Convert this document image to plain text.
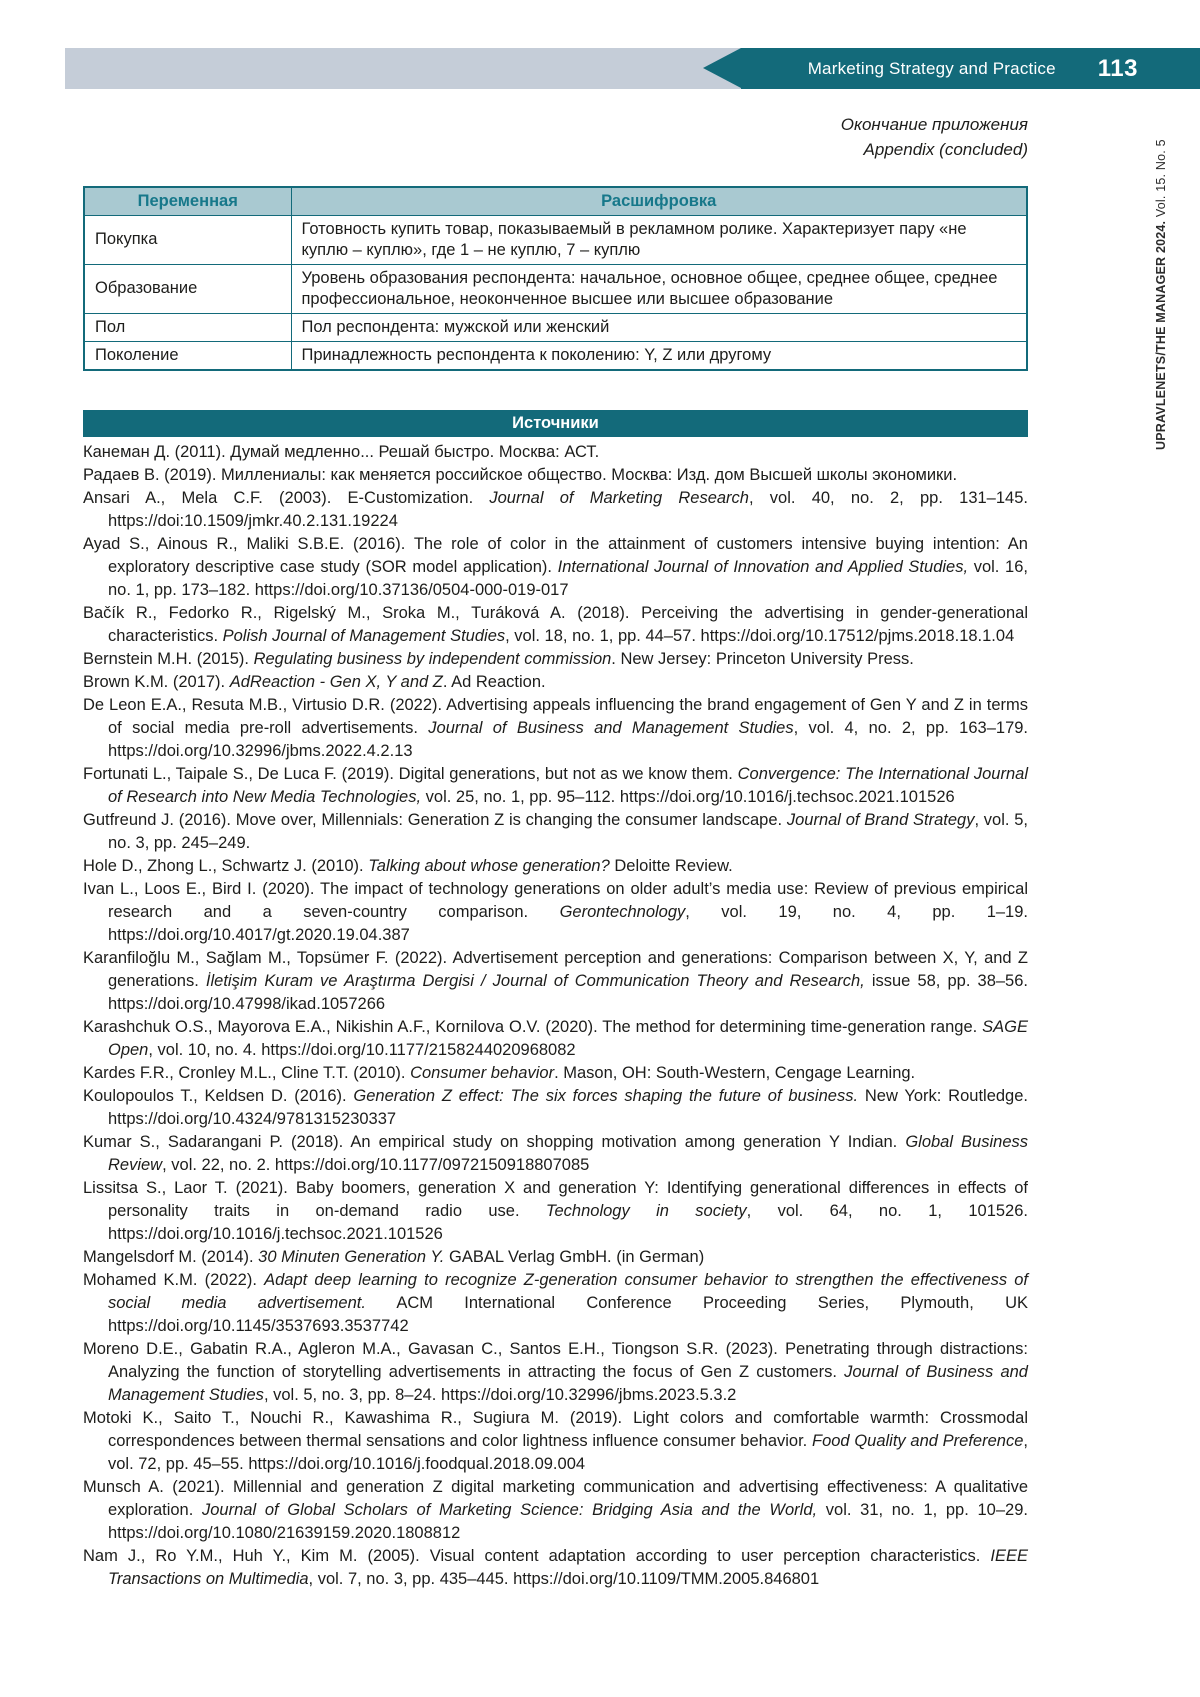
Marketing Strategy and Practice 113
UPRAVLENETS/THE MANAGER 2024. Vol. 15. No. 5
Окончание приложения
Appendix (concluded)
Переменная	Расшифровка
Покупка	Готовность купить товар, показываемый в рекламном ролике. Характеризует пару «не куплю – куплю», где 1 – не куплю, 7 – куплю
Образование	Уровень образования респондента: начальное, основное общее, среднее общее, среднее профессиональное, неоконченное высшее или высшее образование
Пол	Пол респондента: мужской или женский
Поколение	Принадлежность респондента к поколению: Y, Z или другому
Источники

Канеман Д. (2011). Думай медленно... Решай быстро. Москва: АСТ.

Радаев В. (2019). Миллениалы: как меняется российское общество. Москва: Изд. дом Высшей школы экономики.

Ansari A., Mela C.F. (2003). E-Customization. Journal of Marketing Research, vol. 40, no. 2, pp. 131–145. https://doi:10.1509/jmkr.40.2.131.19224

Ayad S., Ainous R., Maliki S.B.E. (2016). The role of color in the attainment of customers intensive buying intention: An exploratory descriptive case study (SOR model application). International Journal of Innovation and Applied Studies, vol. 16, no. 1, pp. 173–182. https://doi.org/10.37136/0504-000-019-017

Bačík R., Fedorko R., Rigelský M., Sroka M., Turáková A. (2018). Perceiving the advertising in gender-generational characteristics. Polish Journal of Management Studies, vol. 18, no. 1, pp. 44–57. https://doi.org/10.17512/pjms.2018.18.1.04

Bernstein M.H. (2015). Regulating business by independent commission. New Jersey: Princeton University Press.

Brown K.M. (2017). AdReaction - Gen X, Y and Z. Ad Reaction.

De Leon E.A., Resuta M.B., Virtusio D.R. (2022). Advertising appeals influencing the brand engagement of Gen Y and Z in terms of social media pre-roll advertisements. Journal of Business and Management Studies, vol. 4, no. 2, pp. 163–179. https://doi.org/10.32996/jbms.2022.4.2.13

Fortunati L., Taipale S., De Luca F. (2019). Digital generations, but not as we know them. Convergence: The International Journal of Research into New Media Technologies, vol. 25, no. 1, pp. 95–112. https://doi.org/10.1016/j.techsoc.2021.101526

Gutfreund J. (2016). Move over, Millennials: Generation Z is changing the consumer landscape. Journal of Brand Strategy, vol. 5, no. 3, pp. 245–249.

Hole D., Zhong L., Schwartz J. (2010). Talking about whose generation? Deloitte Review.

Ivan L., Loos E., Bird I. (2020). The impact of technology generations on older adult’s media use: Review of previous empirical research and a seven-country comparison. Gerontechnology, vol. 19, no. 4, pp. 1–19. https://doi.org/10.4017/gt.2020.19.04.387

Karanfiloğlu M., Sağlam M., Topsümer F. (2022). Advertisement perception and generations: Comparison between X, Y, and Z generations. İletişim Kuram ve Araştırma Dergisi / Journal of Communication Theory and Research, issue 58, pp. 38–56. https://doi.org/10.47998/ikad.1057266

Karashchuk O.S., Mayorova E.A., Nikishin A.F., Kornilova O.V. (2020). The method for determining time-generation range. SAGE Open, vol. 10, no. 4. https://doi.org/10.1177/2158244020968082

Kardes F.R., Cronley M.L., Cline T.T. (2010). Consumer behavior. Mason, OH: South-Western, Cengage Learning.

Koulopoulos T., Keldsen D. (2016). Generation Z effect: The six forces shaping the future of business. New York: Routledge. https://doi.org/10.4324/9781315230337

Kumar S., Sadarangani P. (2018). An empirical study on shopping motivation among generation Y Indian. Global Business Review, vol. 22, no. 2. https://doi.org/10.1177/0972150918807085

Lissitsa S., Laor T. (2021). Baby boomers, generation X and generation Y: Identifying generational differences in effects of personality traits in on-demand radio use. Technology in society, vol. 64, no. 1, 101526. https://doi.org/10.1016/j.techsoc.2021.101526

Mangelsdorf M. (2014). 30 Minuten Generation Y. GABAL Verlag GmbH. (in German)

Mohamed K.M. (2022). Adapt deep learning to recognize Z-generation consumer behavior to strengthen the effectiveness of social media advertisement. ACM International Conference Proceeding Series, Plymouth, UK https://doi.org/10.1145/3537693.3537742

Moreno D.E., Gabatin R.A., Agleron M.A., Gavasan C., Santos E.H., Tiongson S.R. (2023). Penetrating through distractions: Analyzing the function of storytelling advertisements in attracting the focus of Gen Z customers. Journal of Business and Management Studies, vol. 5, no. 3, pp. 8–24. https://doi.org/10.32996/jbms.2023.5.3.2

Motoki K., Saito T., Nouchi R., Kawashima R., Sugiura M. (2019). Light colors and comfortable warmth: Crossmodal correspondences between thermal sensations and color lightness influence consumer behavior. Food Quality and Preference, vol. 72, pp. 45–55. https://doi.org/10.1016/j.foodqual.2018.09.004

Munsch A. (2021). Millennial and generation Z digital marketing communication and advertising effectiveness: A qualitative exploration. Journal of Global Scholars of Marketing Science: Bridging Asia and the World, vol. 31, no. 1, pp. 10–29. https://doi.org/10.1080/21639159.2020.1808812

Nam J., Ro Y.M., Huh Y., Kim M. (2005). Visual content adaptation according to user perception characteristics. IEEE Transactions on Multimedia, vol. 7, no. 3, pp. 435–445. https://doi.org/10.1109/TMM.2005.846801
